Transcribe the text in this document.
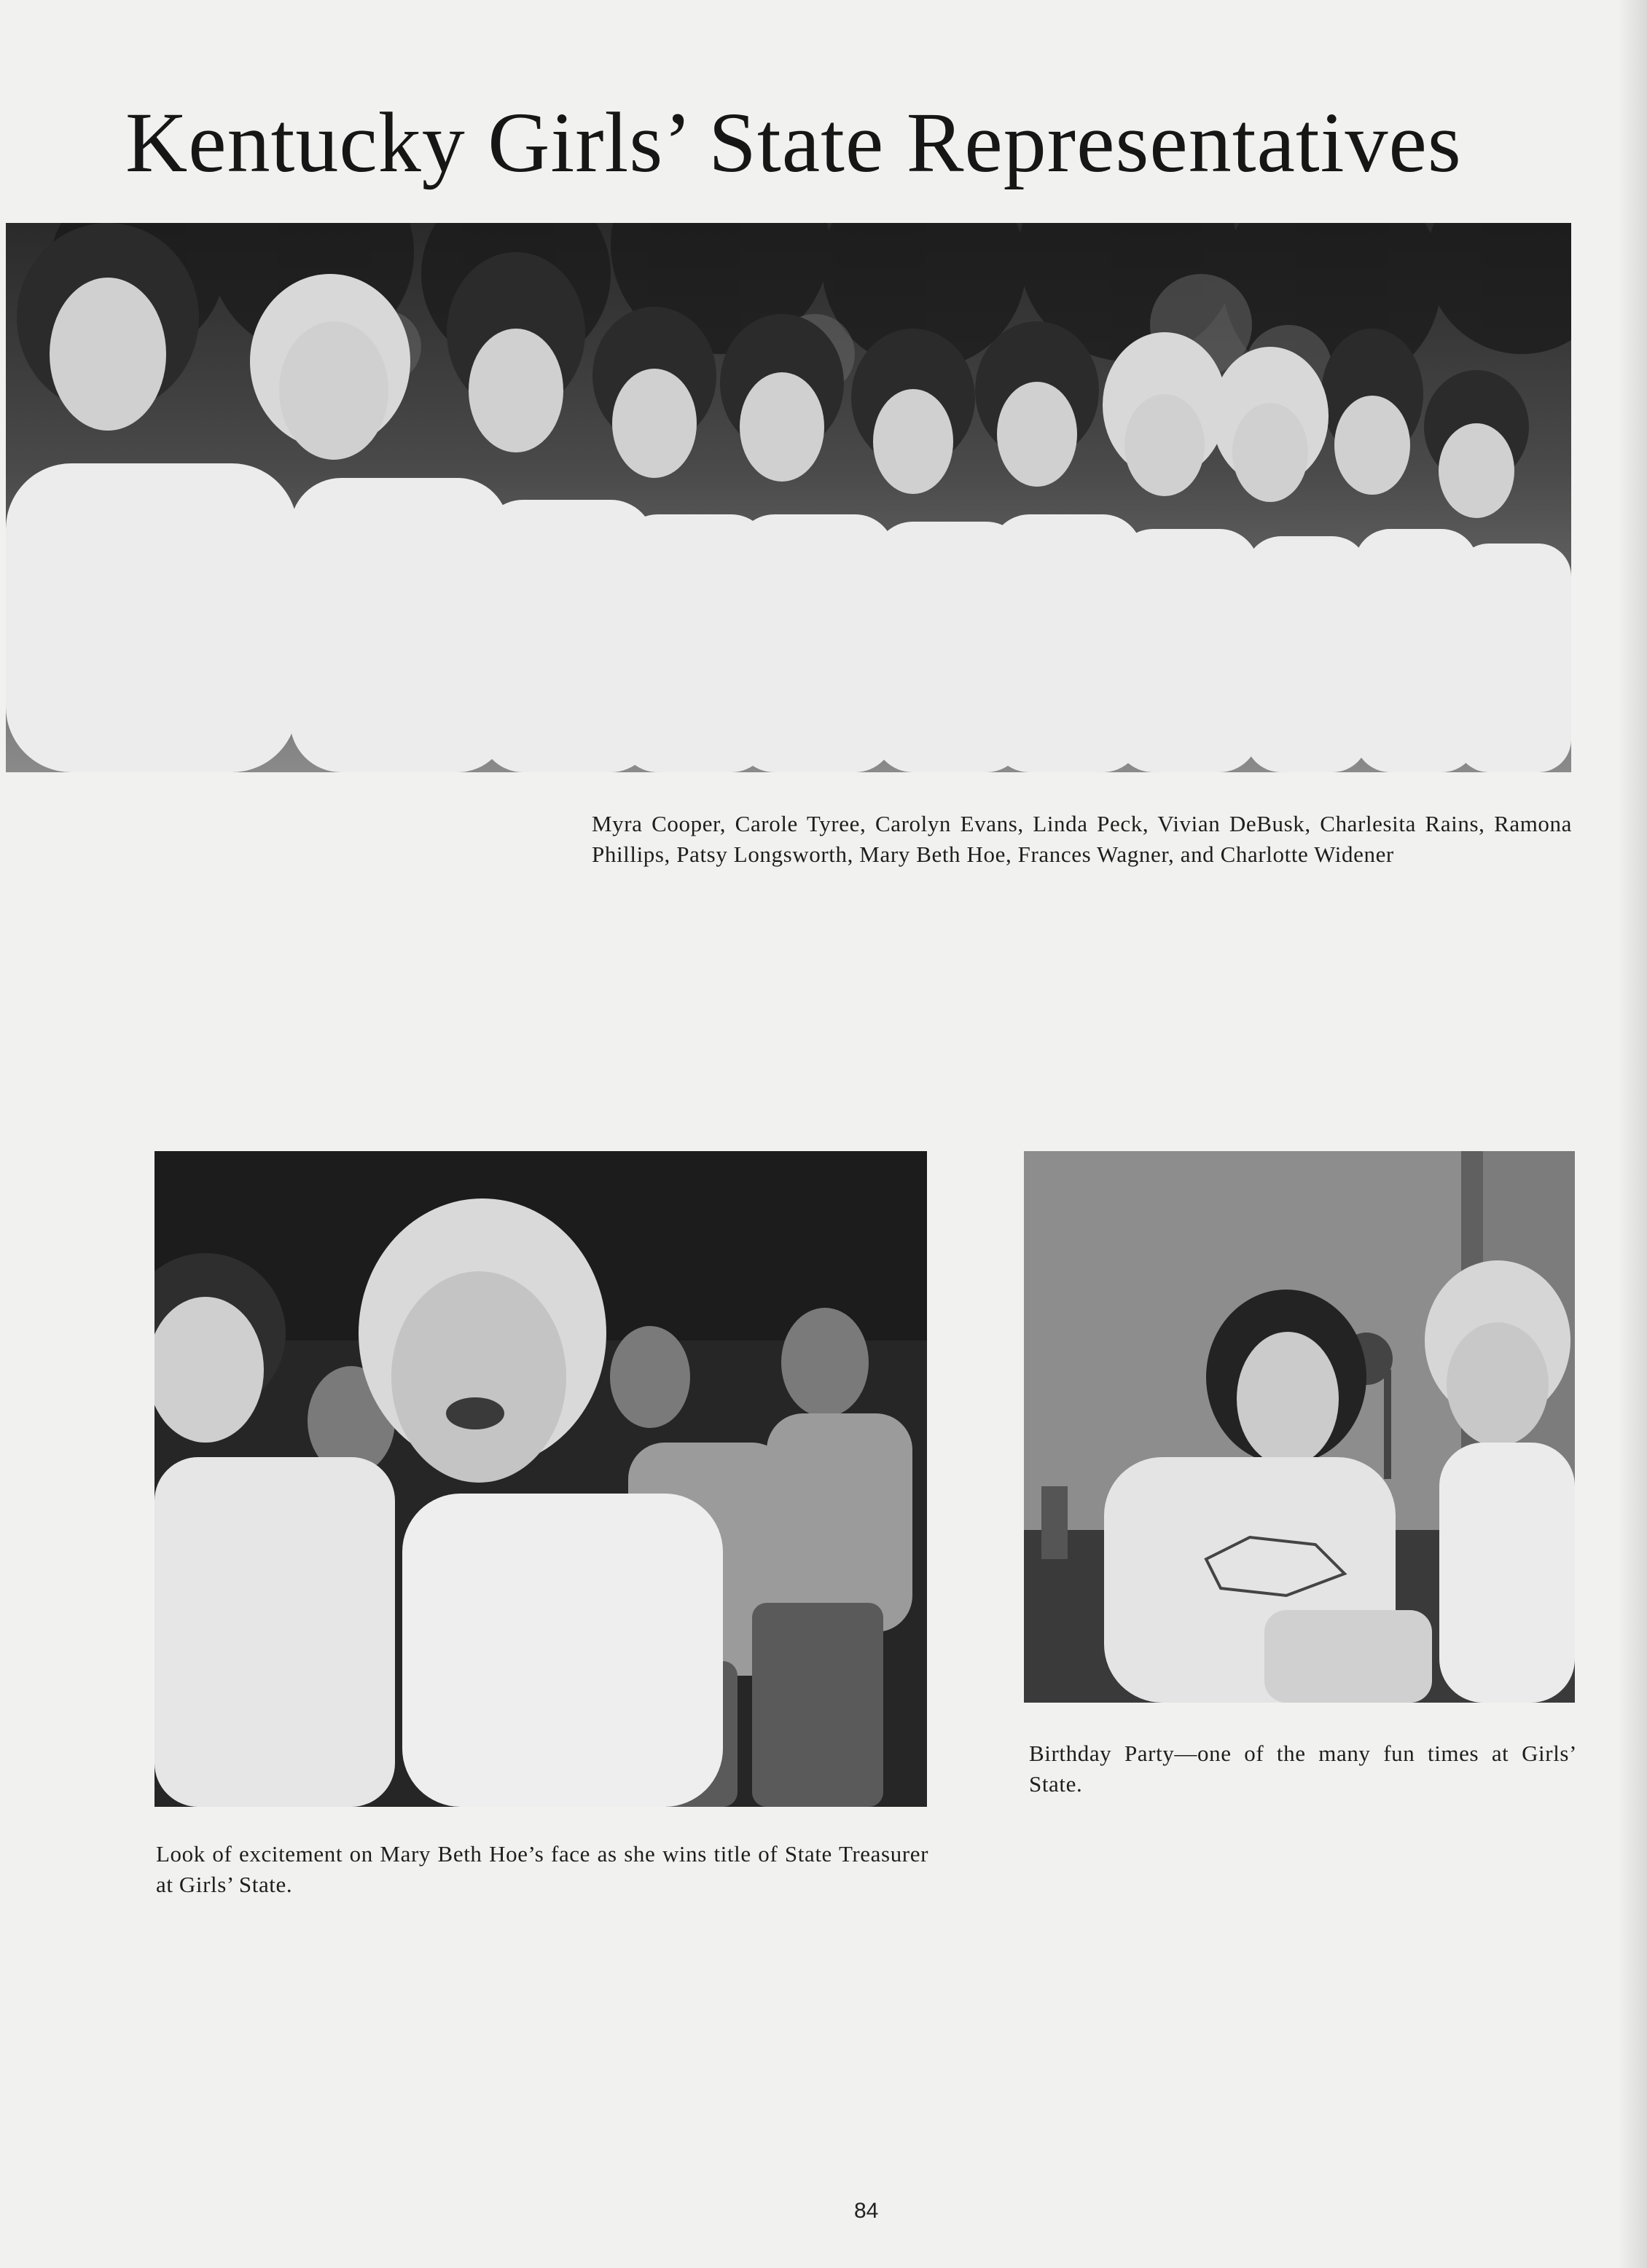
Kentucky Girls’ State Representatives

Myra Cooper, Carole Tyree, Carolyn Evans, Linda Peck, Vivian DeBusk, Charlesita Rains, Ramona Phillips, Patsy Longsworth, Mary Beth Hoe, Frances Wagner, and Charlotte Widener

Look of excitement on Mary Beth Hoe’s face as she wins title of State Treasurer at Girls’ State.

Birthday Party—one of the many fun times at Girls’ State.

84
